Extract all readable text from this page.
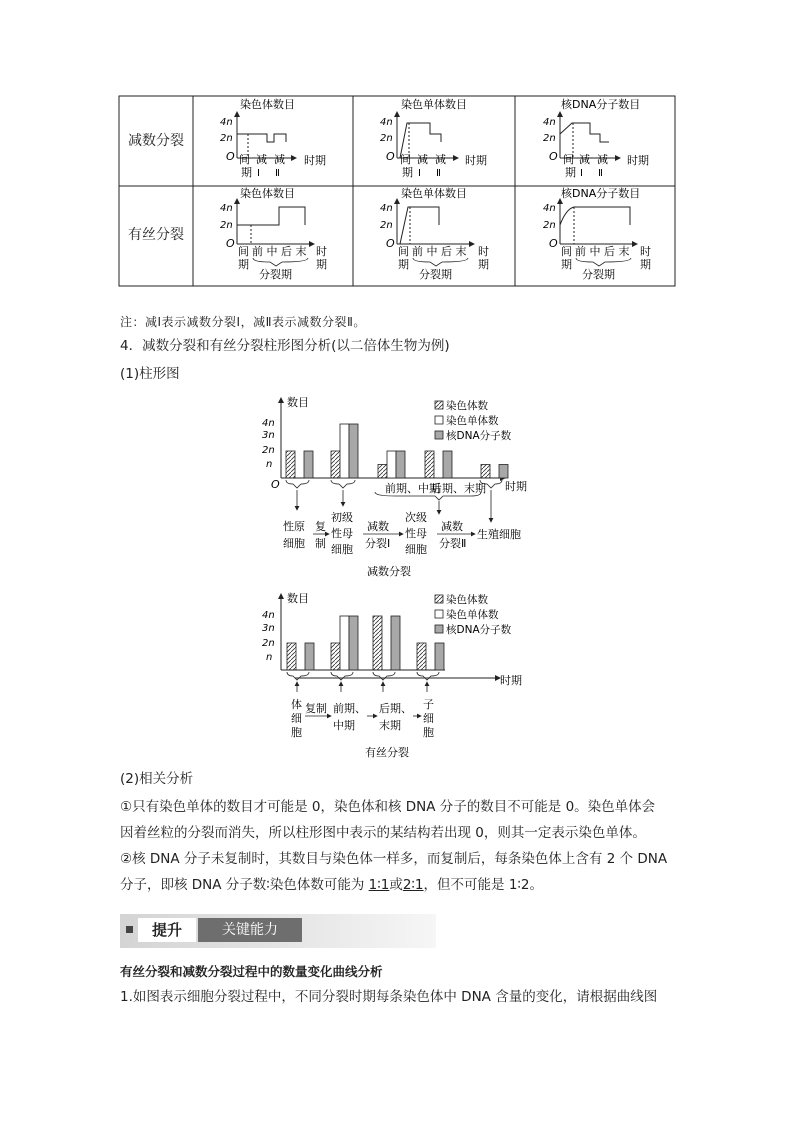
染色体数目
4n
2n
O 间
期
减
Ⅰ
减
Ⅱ
时期
染色单体数目
4n
2n
O 间
期
减
Ⅰ
减
Ⅱ
时期
核DNA分子数目
4n
2n
O 间
期
减
Ⅰ
减
Ⅱ
时期
染色体数目
4n
2n
O
间
期
前 中 后 末
分裂期
时
期
染色单体数目
4n
2n
O
间
期
前 中 后 末
分裂期
时
期
核DNA分子数目
4n
2n
O
间
期
前 中 后 末
分裂期
时
期
减数分裂
有丝分裂
注：减Ⅰ表示减数分裂Ⅰ，减Ⅱ表示减数分裂Ⅱ。
4．减数分裂和有丝分裂柱形图分析(以二倍体生物为例)
(1)柱形图
数目
4n
3n
2n
n
O	时期
染色体数
染色单体数
核DNA分子数
前期、中期
后期、末期
性原
细胞
复
制
初级
性母
细胞
减数
分裂Ⅰ
次级
性母
细胞
减数
分裂Ⅱ
生殖细胞
减数分裂
数目
4n
3n
2n
n
时期
染色体数
染色单体数
核DNA分子数
体
细
胞
复制 前期、
中期
后期、
末期
子
细
胞
有丝分裂
(2)相关分析
①只有染色单体的数目才可能是 0，染色体和核 DNA 分子的数目不可能是 0。染色单体会
因着丝粒的分裂而消失，所以柱形图中表示的某结构若出现 0，则其一定表示染色单体。
②核 DNA 分子未复制时，其数目与染色体一样多，而复制后，每条染色体上含有 2 个 DNA
分子，即核 DNA 分子数∶染色体数可能为 1∶1或2∶1，但不可能是 1∶2。
提升	关键能力
有丝分裂和减数分裂过程中的数量变化曲线分析
1.如图表示细胞分裂过程中，不同分裂时期每条染色体中 DNA 含量的变化，请根据曲线图
